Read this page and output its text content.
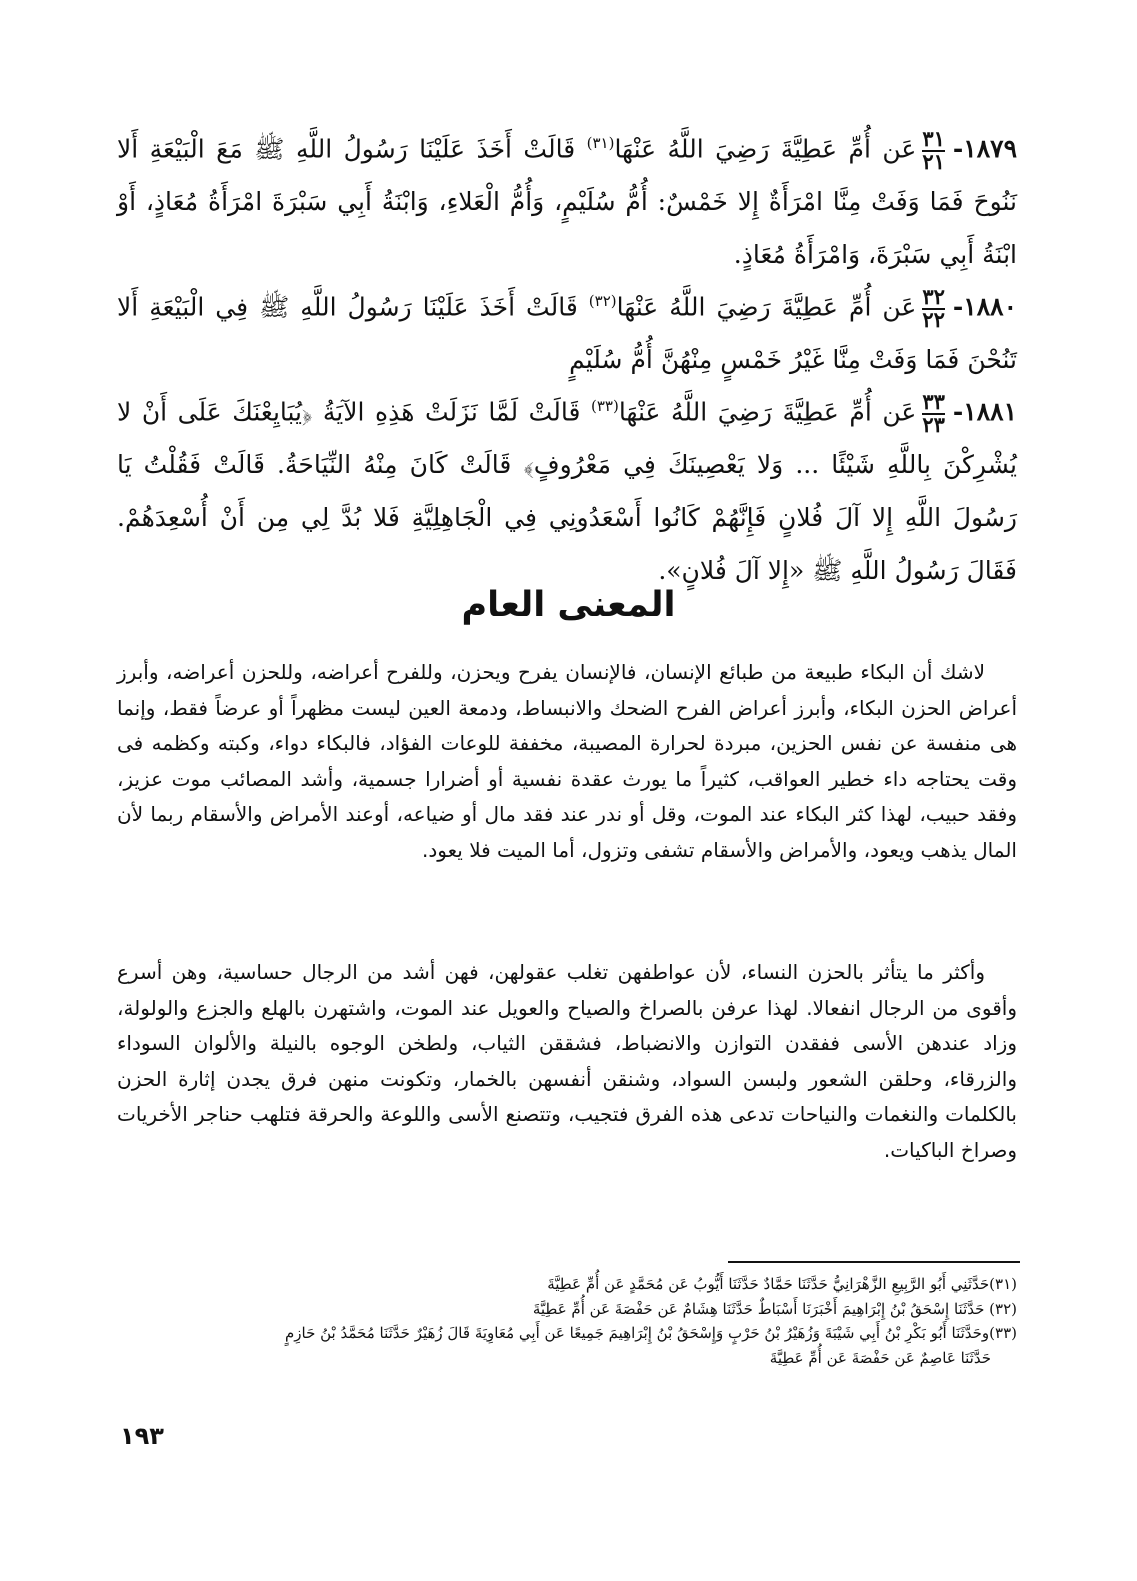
١٨٧٩-
$\frac{٣١}{٢١}$
عَن أُمِّ عَطِيَّةَ رَضِيَ اللَّهُ عَنْهَا$^{(٣١)}$ قَالَتْ أَخَذَ عَلَيْنَا رَسُولُ اللَّهِ ﷺ مَعَ الْبَيْعَةِ أَلا نَنُوحَ فَمَا وَفَتْ مِنَّا امْرَأَةٌ إِلا خَمْسٌ: أُمُّ سُلَيْمٍ، وَأُمُّ الْعَلاءِ، وَابْنَةُ أَبِي سَبْرَةَ امْرَأَةُ مُعَاذٍ، أَوْ ابْنَةُ أَبِي سَبْرَةَ، وَامْرَأَةُ مُعَاذٍ.

١٨٨٠-
$\frac{٣٢}{٢٢}$
عَن أُمِّ عَطِيَّةَ رَضِيَ اللَّهُ عَنْهَا$^{(٣٢)}$ قَالَتْ أَخَذَ عَلَيْنَا رَسُولُ اللَّهِ ﷺ فِي الْبَيْعَةِ أَلا تَنُحْنَ فَمَا وَفَتْ مِنَّا غَيْرُ خَمْسٍ مِنْهُنَّ أُمُّ سُلَيْمٍ

١٨٨١-
$\frac{٣٣}{٢٣}$
عَن أُمِّ عَطِيَّةَ رَضِيَ اللَّهُ عَنْهَا$^{(٣٣)}$ قَالَتْ لَمَّا نَزَلَتْ هَذِهِ الآيَةُ ﴿يُبَايِعْنَكَ عَلَى أَنْ لا يُشْرِكْنَ بِاللَّهِ شَيْئًا ... وَلا يَعْصِينَكَ فِي مَعْرُوفٍ﴾ قَالَتْ كَانَ مِنْهُ النِّيَاحَةُ. قَالَتْ فَقُلْتُ يَا رَسُولَ اللَّهِ إِلا آلَ فُلانٍ فَإِنَّهُمْ كَانُوا أَسْعَدُونِي فِي الْجَاهِلِيَّةِ فَلا بُدَّ لِي مِن أَنْ أُسْعِدَهُمْ. فَقَالَ رَسُولُ اللَّهِ ﷺ «إِلا آلَ فُلانٍ».

المعنى العام

لاشك أن البكاء طبيعة من طبائع الإنسان، فالإنسان يفرح ويحزن، وللفرح أعراضه، وللحزن أعراضه، وأبرز أعراض الحزن البكاء، وأبرز أعراض الفرح الضحك والانبساط، ودمعة العين ليست مظهراً أو عرضاً فقط، وإنما هى منفسة عن نفس الحزين، مبردة لحرارة المصيبة، مخففة للوعات الفؤاد، فالبكاء دواء، وكبته وكظمه فى وقت يحتاجه داء خطير العواقب، كثيراً ما يورث عقدة نفسية أو أضرارا جسمية، وأشد المصائب موت عزيز، وفقد حبيب، لهذا كثر البكاء عند الموت، وقل أو ندر عند فقد مال أو ضياعه، أوعند الأمراض والأسقام ربما لأن المال يذهب ويعود، والأمراض والأسقام تشفى وتزول، أما الميت فلا يعود.

وأكثر ما يتأثر بالحزن النساء، لأن عواطفهن تغلب عقولهن، فهن أشد من الرجال حساسية، وهن أسرع وأقوى من الرجال انفعالا. لهذا عرفن بالصراخ والصياح والعويل عند الموت، واشتهرن بالهلع والجزع والولولة، وزاد عندهن الأسى ففقدن التوازن والانضباط، فشققن الثياب، ولطخن الوجوه بالنيلة والألوان السوداء والزرقاء، وحلقن الشعور ولبسن السواد، وشنقن أنفسهن بالخمار، وتكونت منهن فرق يجدن إثارة الحزن بالكلمات والنغمات والنياحات تدعى هذه الفرق فتجيب، وتتصنع الأسى واللوعة والحرقة فتلهب حناجر الأخريات وصراخ الباكيات.

(٣١)حَدَّثَنِي أَبُو الرَّبِيعِ الزَّهْرَانِيُّ حَدَّثَنَا حَمَّادٌ حَدَّثَنَا أَيُّوبُ عَن مُحَمَّدٍ عَن أُمِّ عَطِيَّةَ
(٣٢) حَدَّثَنَا إِسْحَقُ بْنُ إِبْرَاهِيمَ أَخْبَرَنَا أَسْبَاطٌ حَدَّثَنَا هِشَامٌ عَن حَفْصَةَ عَن أُمِّ عَطِيَّةَ
(٣٣)وحَدَّثَنَا أَبُو بَكْرِ بْنُ أَبِي شَيْبَةَ وَزُهَيْرُ بْنُ حَرْبٍ وَإِسْحَقُ بْنُ إِبْرَاهِيمَ جَمِيعًا عَن أَبِي مُعَاوِيَةَ قَالَ زُهَيْرٌ حَدَّثَنَا مُحَمَّدُ بْنُ حَازِمٍ
حَدَّثَنَا عَاصِمٌ عَن حَفْصَةَ عَن أُمِّ عَطِيَّةَ
١٩٣
